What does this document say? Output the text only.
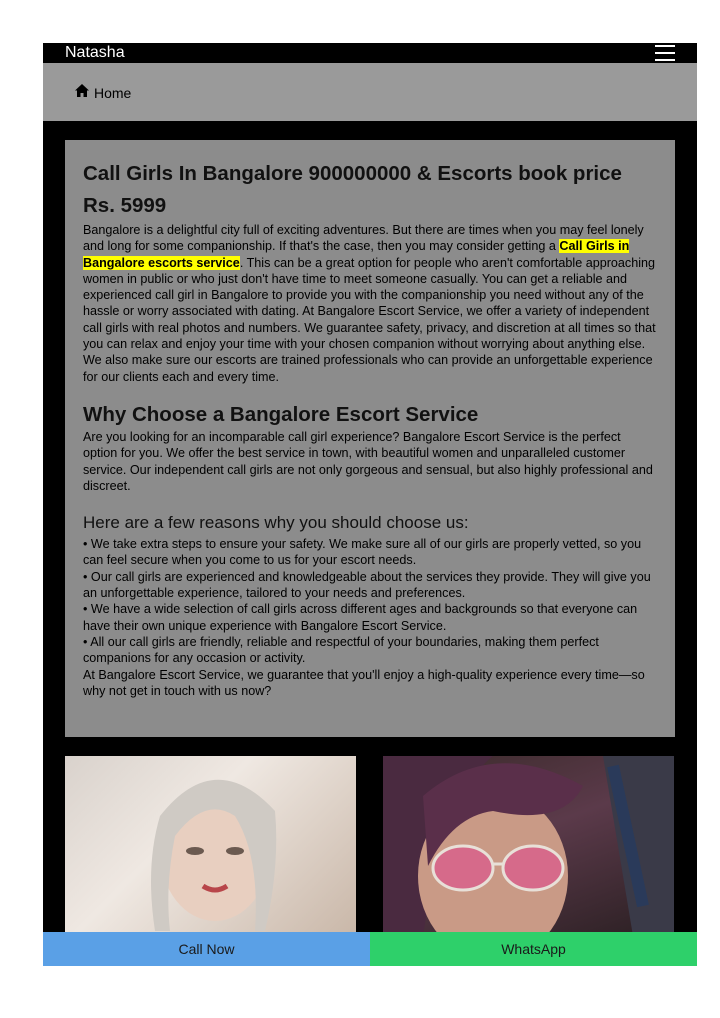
Natasha
Home
Call Girls In Bangalore 900000000 & Escorts book price Rs. 5999

Bangalore is a delightful city full of exciting adventures. But there are times when you may feel lonely and long for some companionship. If that's the case, then you may consider getting a Call Girls in Bangalore escorts service. This can be a great option for people who aren't comfortable approaching women in public or who just don't have time to meet someone casually. You can get a reliable and experienced call girl in Bangalore to provide you with the companionship you need without any of the hassle or worry associated with dating. At Bangalore Escort Service, we offer a variety of independent call girls with real photos and numbers. We guarantee safety, privacy, and discretion at all times so that you can relax and enjoy your time with your chosen companion without worrying about anything else. We also make sure our escorts are trained professionals who can provide an unforgettable experience for our clients each and every time.

Why Choose a Bangalore Escort Service

Are you looking for an incomparable call girl experience? Bangalore Escort Service is the perfect option for you. We offer the best service in town, with beautiful women and unparalleled customer service. Our independent call girls are not only gorgeous and sensual, but also highly professional and discreet.

Here are a few reasons why you should choose us:

• We take extra steps to ensure your safety. We make sure all of our girls are properly vetted, so you can feel secure when you come to us for your escort needs.

• Our call girls are experienced and knowledgeable about the services they provide. They will give you an unforgettable experience, tailored to your needs and preferences.

• We have a wide selection of call girls across different ages and backgrounds so that everyone can have their own unique experience with Bangalore Escort Service.

• All our call girls are friendly, reliable and respectful of your boundaries, making them perfect companions for any occasion or activity.

At Bangalore Escort Service, we guarantee that you'll enjoy a high-quality experience every time—so why not get in touch with us now?

Call Now	WhatsApp
